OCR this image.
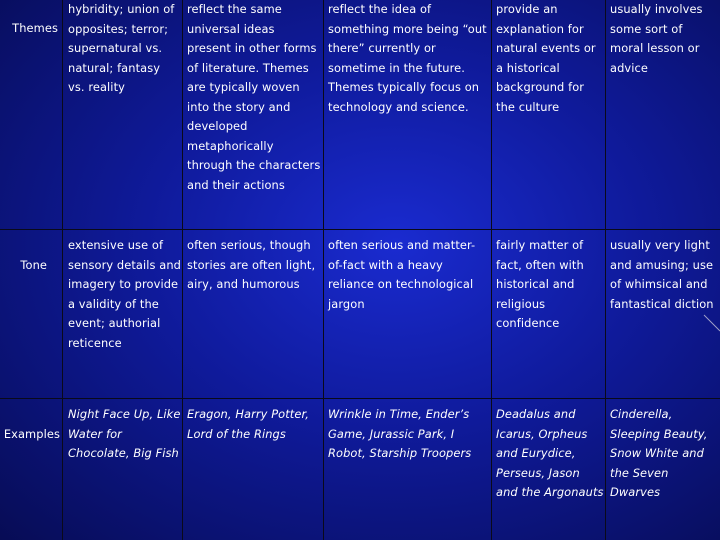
Themes
hybridity; union of opposites; terror; supernatural vs. natural; fantasy vs. reality
reflect the same universal ideas present in other forms of literature. Themes are typically woven into the story and developed metaphorically through the characters and their actions
reflect the idea of something more being “out there” currently or sometime in the future. Themes typically focus on technology and science.
provide an explanation for natural events or a historical background for the culture
usually involves some sort of moral lesson or advice
Tone
extensive use of sensory details and imagery to provide a validity of the event; authorial reticence
often serious, though stories are often light, airy, and humorous
often serious and matter-of-fact with a heavy reliance on technological jargon
fairly matter of fact, often with historical and religious confidence
usually very light and amusing; use of whimsical and fantastical diction
Examples
Night Face Up, Like Water for Chocolate, Big Fish
Eragon, Harry Potter, Lord of the Rings
Wrinkle in Time, Ender’s Game, Jurassic Park, I Robot, Starship Troopers
Deadalus and Icarus, Orpheus and Eurydice, Perseus, Jason and the Argonauts
Cinderella, Sleeping Beauty, Snow White and the Seven Dwarves
